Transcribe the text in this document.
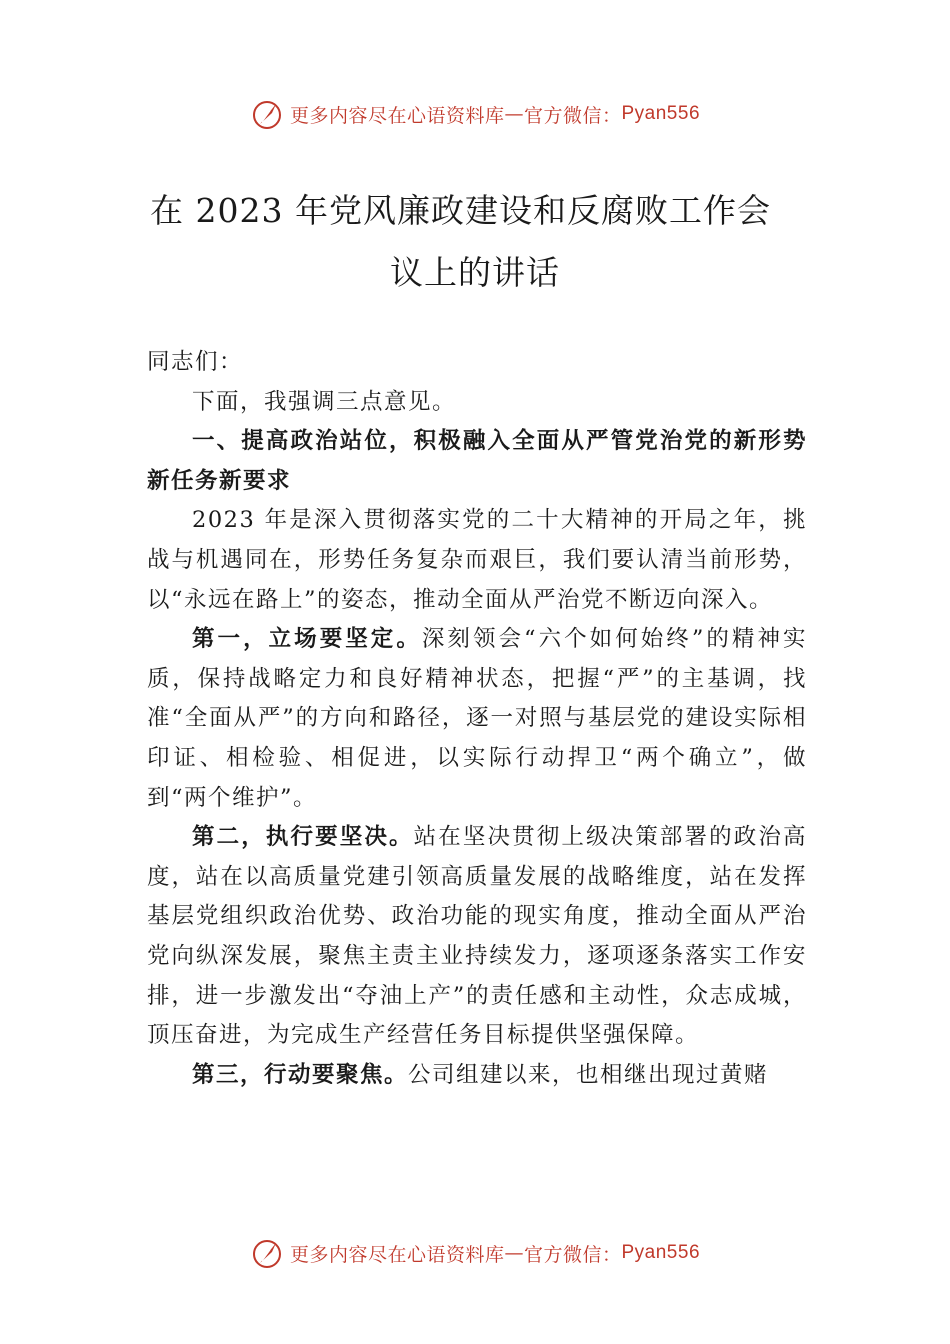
更多内容尽在心语资料库 — 官方微信： Pyan556
在 2023 年党风廉政建设和反腐败工作会
议上的讲话

同志们：

下面，我强调三点意见。

一、提高政治站位，积极融入全面从严管党治党的新形势新任务新要求

2023 年是深入贯彻落实党的二十大精神的开局之年，挑战与机遇同在，形势任务复杂而艰巨，我们要认清当前形势，以“永远在路上”的姿态，推动全面从严治党不断迈向深入。

第一，立场要坚定。深刻领会“六个如何始终”的精神实质，保持战略定力和良好精神状态，把握“严”的主基调，找准“全面从严”的方向和路径，逐一对照与基层党的建设实际相印证、相检验、相促进，以实际行动捍卫“两个确立”，做到“两个维护”。

第二，执行要坚决。站在坚决贯彻上级决策部署的政治高度，站在以高质量党建引领高质量发展的战略维度，站在发挥基层党组织政治优势、政治功能的现实角度，推动全面从严治党向纵深发展，聚焦主责主业持续发力，逐项逐条落实工作安排，进一步激发出“夺油上产”的责任感和主动性，众志成城，顶压奋进，为完成生产经营任务目标提供坚强保障。

第三，行动要聚焦。公司组建以来，也相继出现过黄赌

更多内容尽在心语资料库 — 官方微信： Pyan556
